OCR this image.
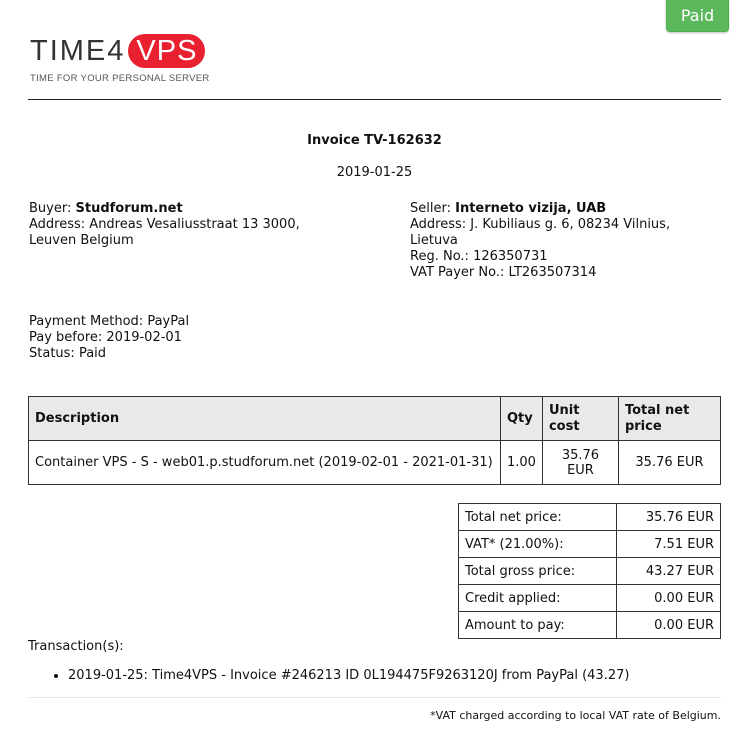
Paid
TIME4 VPS
TIME FOR YOUR PERSONAL SERVER
Invoice TV-162632
2019-01-25
Buyer: Studforum.net
Address: Andreas Vesaliusstraat 13 3000,
Leuven Belgium
Seller: Interneto vizija, UAB
Address: J. Kubiliaus g. 6, 08234 Vilnius,
Lietuva
Reg. No.: 126350731
VAT Payer No.: LT263507314
Payment Method: PayPal
Pay before: 2019-02-01
Status: Paid
Description	Qty	Unit cost	Total net price
Container VPS - S - web01.p.studforum.net (2019-02-01 - 2021-01-31)	1.00	35.76 EUR	35.76 EUR
Total net price:	35.76 EUR
VAT* (21.00%):	7.51 EUR
Total gross price:	43.27 EUR
Credit applied:	0.00 EUR
Amount to pay:	0.00 EUR
Transaction(s):
• 2019-01-25: Time4VPS - Invoice #246213 ID 0L194475F9263120J from PayPal (43.27)
*VAT charged according to local VAT rate of Belgium.
